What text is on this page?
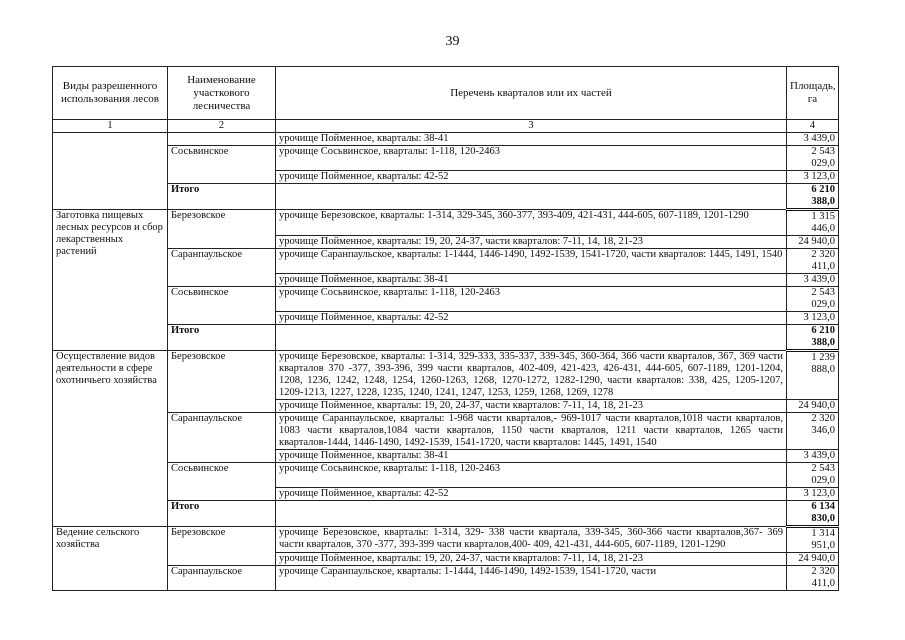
39
Виды разрешенного использования лесов	Наименование участкового лесничества	Перечень кварталов или их частей	Площадь, га
1	2	3	4
		урочище Пойменное, кварталы: 38-41	3 439,0
	Сосьвинское	урочище Сосьвинское, кварталы: 1-118, 120-2463	2 543 029,0
		урочище Пойменное, кварталы: 42-52	3 123,0
	Итого		6 210 388,0
Заготовка пищевых лесных ресурсов и сбор лекарственных растений	Березовское	урочище Березовское, кварталы: 1-314, 329-345, 360-377, 393-409, 421-431, 444-605, 607-1189, 1201-1290	1 315 446,0
		урочище Пойменное, кварталы: 19, 20, 24-37, части кварталов: 7-11, 14, 18, 21-23	24 940,0
	Саранпаульское	урочище Саранпаульское, кварталы: 1-1444, 1446-1490, 1492-1539, 1541-1720, части кварталов: 1445, 1491, 1540	2 320 411,0
		урочище Пойменное, кварталы: 38-41	3 439,0
	Сосьвинское	урочище Сосьвинское, кварталы: 1-118, 120-2463	2 543 029,0
		урочище Пойменное, кварталы: 42-52	3 123,0
	Итого		6 210 388,0
Осуществление видов деятельности в сфере охотничьего хозяйства	Березовское	урочище Березовское, кварталы: 1-314, 329-333, 335-337, 339-345, 360-364, 366 части кварталов, 367, 369 части кварталов 370 -377, 393-396, 399 части кварталов, 402-409, 421-423, 426-431, 444-605, 607-1189, 1201-1204, 1208, 1236, 1242, 1248, 1254, 1260-1263, 1268, 1270-1272, 1282-1290, части кварталов: 338, 425, 1205-1207, 1209-1213, 1227, 1228, 1235, 1240, 1241, 1247, 1253, 1259, 1268, 1269, 1278	1 239 888,0
		урочище Пойменное, кварталы: 19, 20, 24-37, части кварталов: 7-11, 14, 18, 21-23	24 940,0
	Саранпаульское	урочище Саранпаульское, кварталы: 1-968 части кварталов,- 969-1017 части кварталов,1018 части кварталов, 1083 части кварталов,1084 части кварталов, 1150 части кварталов, 1211 части кварталов, 1265 части кварталов-1444, 1446-1490, 1492-1539, 1541-1720, части кварталов: 1445, 1491, 1540	2 320 346,0
		урочище Пойменное, кварталы: 38-41	3 439,0
	Сосьвинское	урочище Сосьвинское, кварталы: 1-118, 120-2463	2 543 029,0
		урочище Пойменное, кварталы: 42-52	3 123,0
	Итого		6 134 830,0
Ведение сельского хозяйства	Березовское	урочище Березовское, кварталы: 1-314, 329- 338 части квартала, 339-345, 360-366 части кварталов,367- 369 части кварталов, 370 -377, 393-399 части кварталов,400- 409, 421-431, 444-605, 607-1189, 1201-1290	1 314 951,0
		урочище Пойменное, кварталы: 19, 20, 24-37, части кварталов: 7-11, 14, 18, 21-23	24 940,0
	Саранпаульское	урочище Саранпаульское, кварталы: 1-1444, 1446-1490, 1492-1539, 1541-1720, части	2 320 411,0
